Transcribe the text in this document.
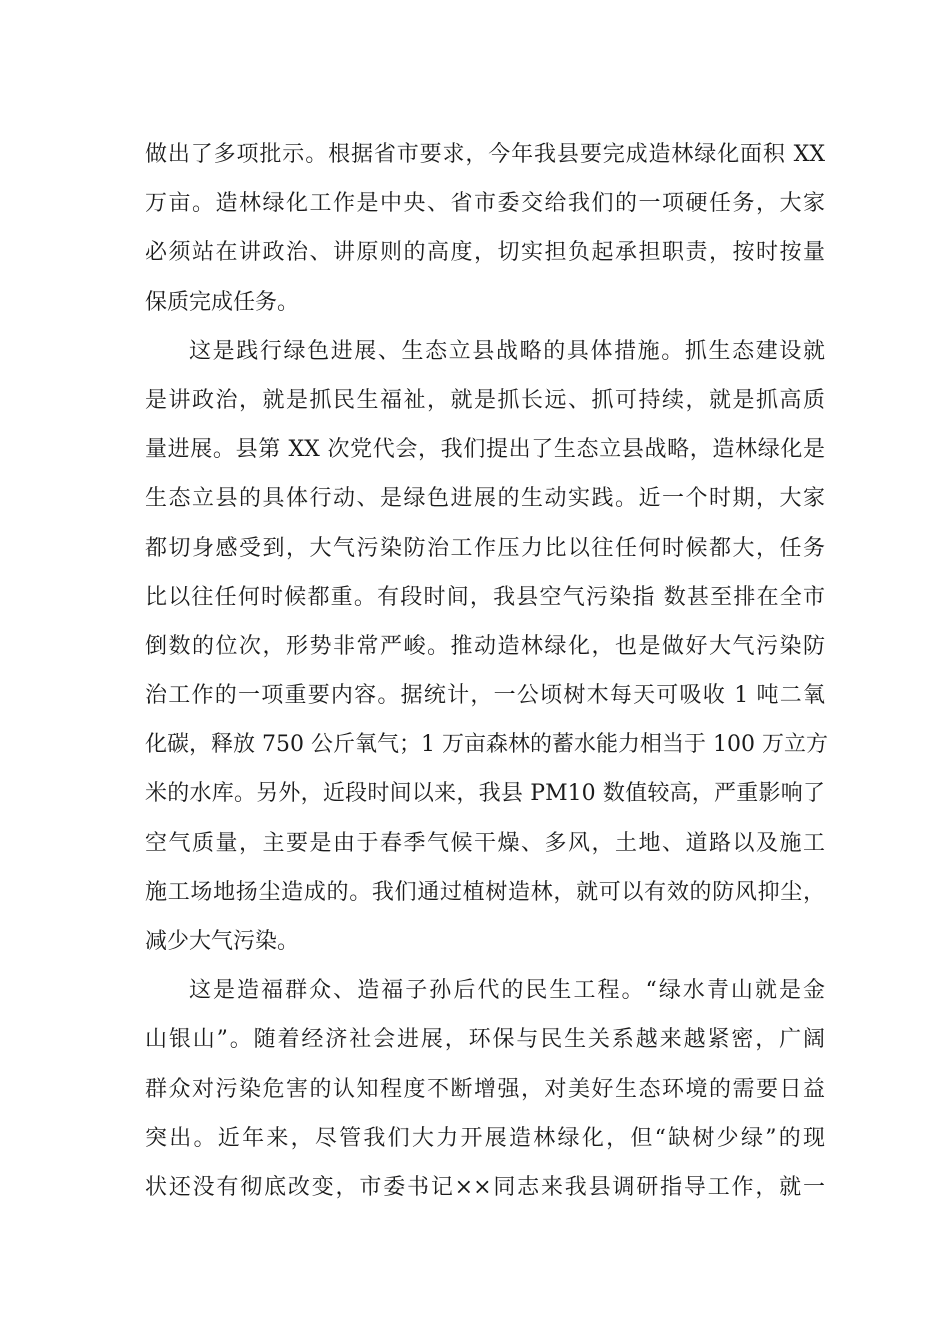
做出了多项批示。根据省市要求，今年我县要完成造林绿化面积 XX
万亩。造林绿化工作是中央、省市委交给我们的一项硬任务，大家
必须站在讲政治、讲原则的高度，切实担负起承担职责，按时按量
保质完成任务。
这是践行绿色进展、生态立县战略的具体措施。抓生态建设就
是讲政治，就是抓民生福祉，就是抓长远、抓可持续，就是抓高质
量进展。县第 XX 次党代会，我们提出了生态立县战略，造林绿化是
生态立县的具体行动、是绿色进展的生动实践。近一个时期，大家
都切身感受到，大气污染防治工作压力比以往任何时候都大，任务
比以往任何时候都重。有段时间，我县空气污染指 数甚至排在全市
倒数的位次，形势非常严峻。推动造林绿化，也是做好大气污染防
治工作的一项重要内容。据统计，一公顷树木每天可吸收 1 吨二氧
化碳，释放 750 公斤氧气；1 万亩森林的蓄水能力相当于 100 万立方
米的水库。另外，近段时间以来，我县 PM10 数值较高，严重影响了
空气质量，主要是由于春季气候干燥、多风，土地、道路以及施工
施工场地扬尘造成的。我们通过植树造林，就可以有效的防风抑尘，
减少大气污染。
这是造福群众、造福子孙后代的民生工程。“绿水青山就是金
山银山”。随着经济社会进展，环保与民生关系越来越紧密，广阔
群众对污染危害的认知程度不断增强，对美好生态环境的需要日益
突出。近年来，尽管我们大力开展造林绿化，但“缺树少绿”的现
状还没有彻底改变，市委书记××同志来我县调研指导工作，就一
